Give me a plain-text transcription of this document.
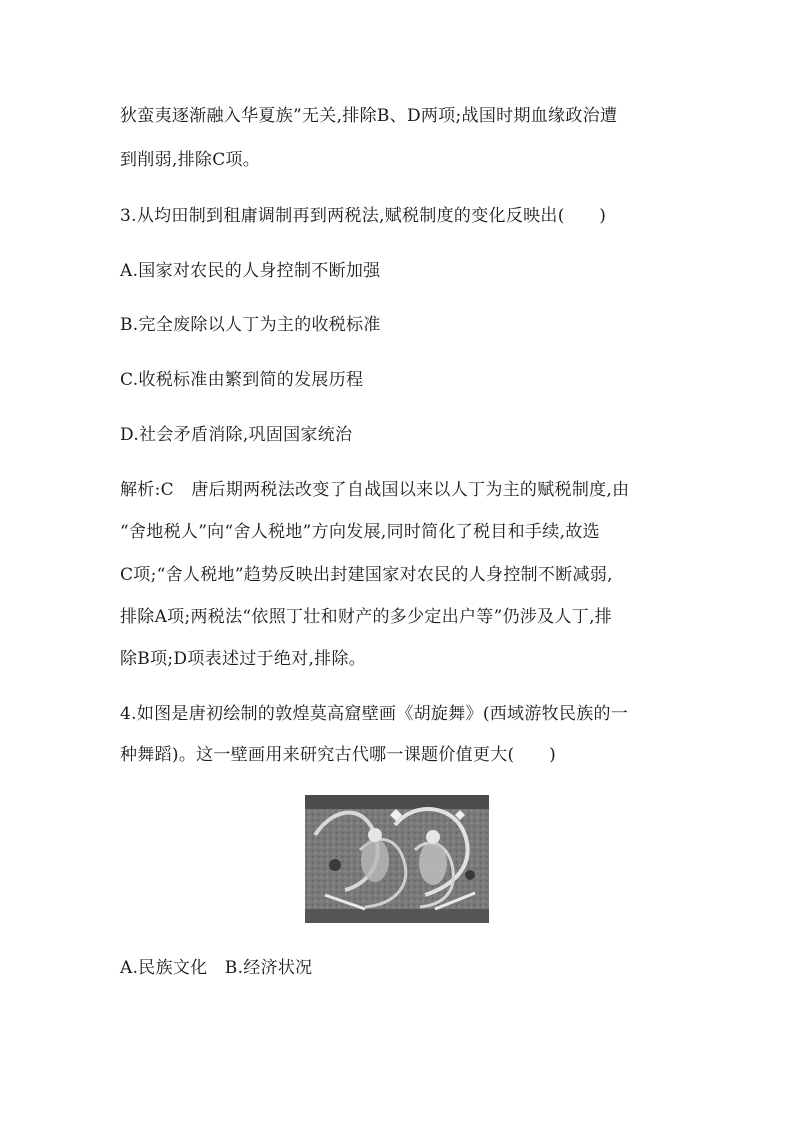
狄蛮夷逐渐融入华夏族”无关,排除B、D两项;战国时期血缘政治遭
到削弱,排除C项。
3.从均田制到租庸调制再到两税法,赋税制度的变化反映出(　　)
A.国家对农民的人身控制不断加强
B.完全废除以人丁为主的收税标准
C.收税标准由繁到简的发展历程
D.社会矛盾消除,巩固国家统治
解析:C　唐后期两税法改变了自战国以来以人丁为主的赋税制度,由
“舍地税人”向“舍人税地”方向发展,同时简化了税目和手续,故选
C项;“舍人税地”趋势反映出封建国家对农民的人身控制不断减弱,
排除A项;两税法“依照丁壮和财产的多少定出户等”仍涉及人丁,排
除B项;D项表述过于绝对,排除。
4.如图是唐初绘制的敦煌莫高窟壁画《胡旋舞》(西域游牧民族的一
种舞蹈)。这一壁画用来研究古代哪一课题价值更大(　　)
A.民族文化　B.经济状况
